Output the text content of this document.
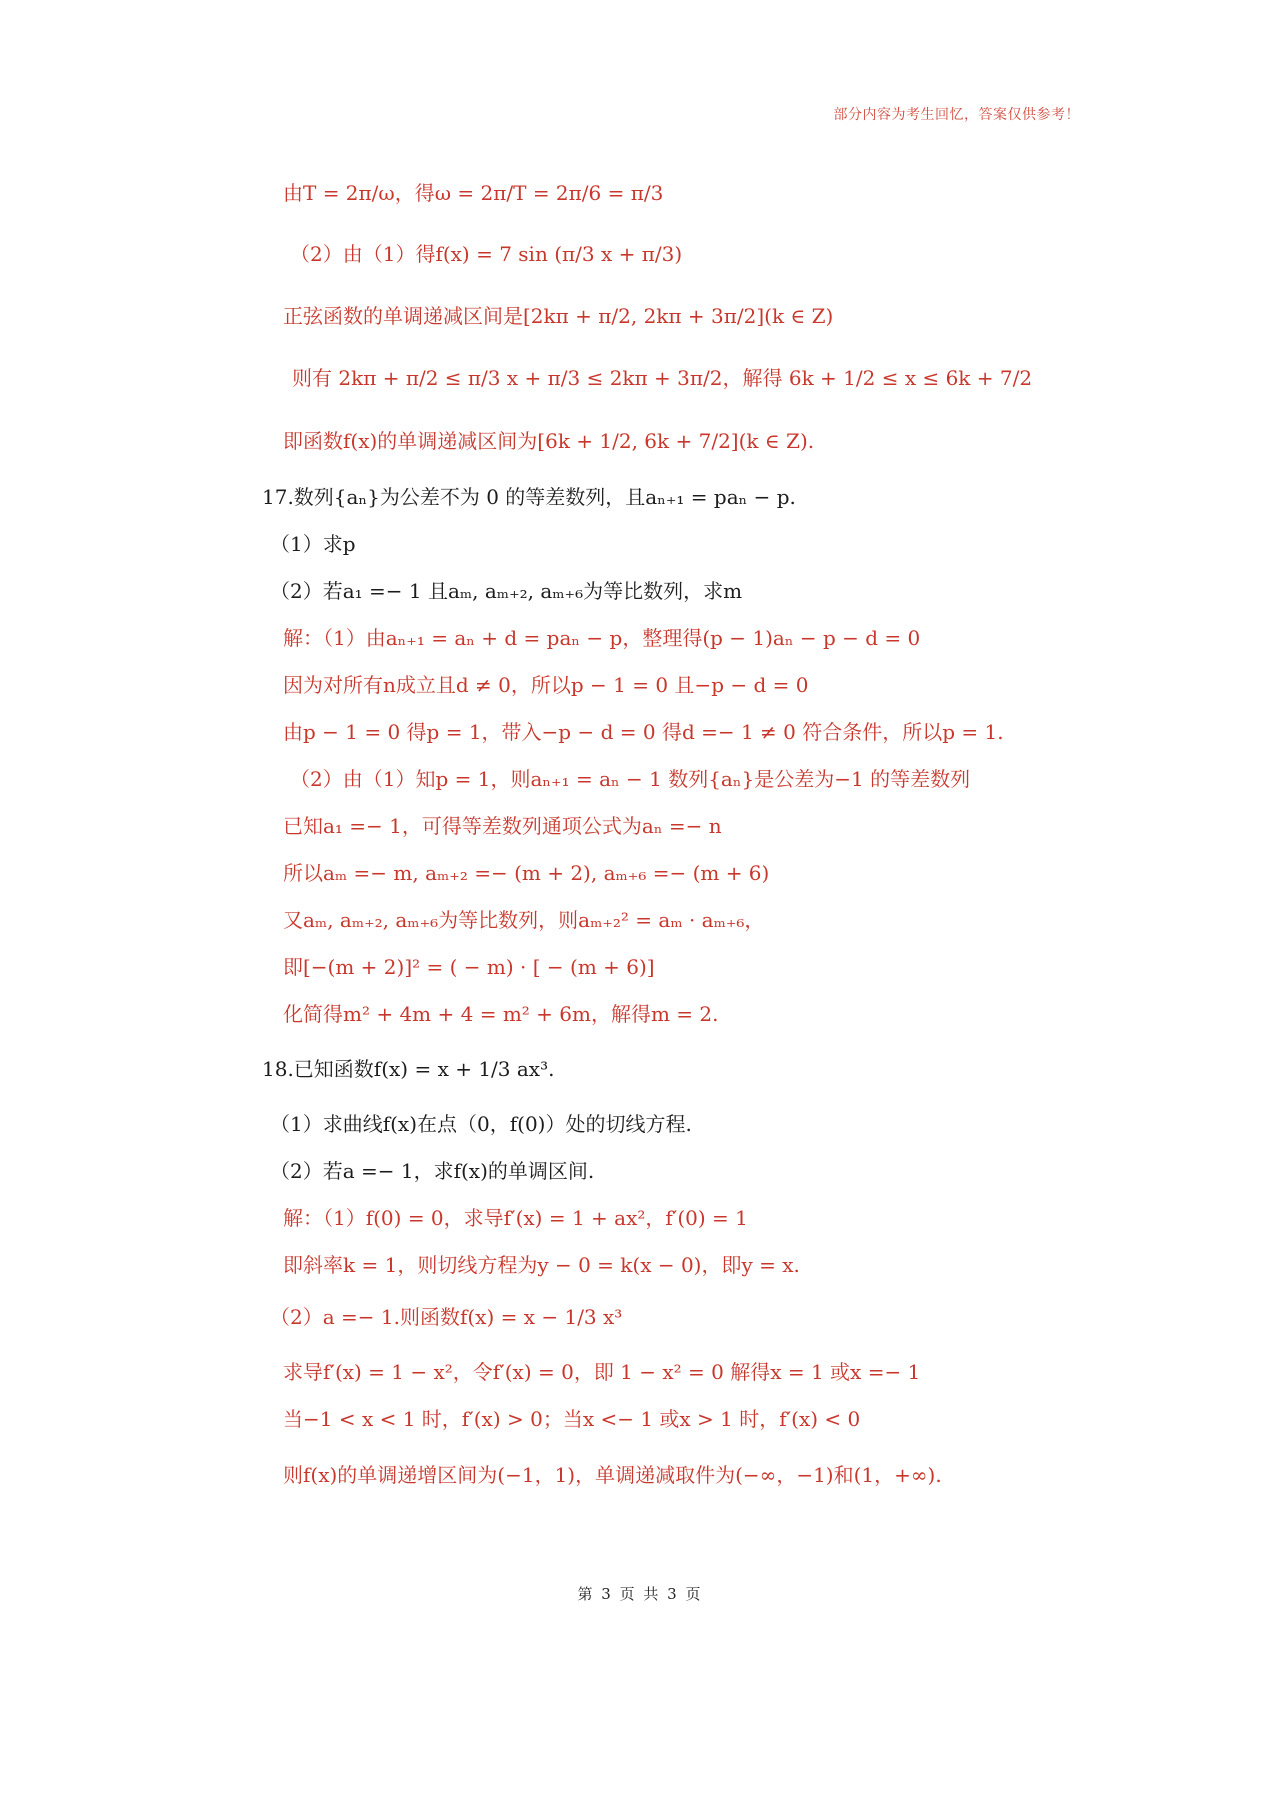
部分内容为考生回忆，答案仅供参考！
由T = 2π/ω，得ω = 2π/T = 2π/6 = π/3
（2）由（1）得f(x) = 7 sin (π/3 x + π/3)
正弦函数的单调递减区间是[2kπ + π/2, 2kπ + 3π/2](k ∈ Z)
则有 2kπ + π/2 ≤ π/3 x + π/3 ≤ 2kπ + 3π/2，解得 6k + 1/2 ≤ x ≤ 6k + 7/2
即函数f(x)的单调递减区间为[6k + 1/2, 6k + 7/2](k ∈ Z).
17.数列{aₙ}为公差不为 0 的等差数列，且aₙ₊₁ = paₙ − p.
（1）求p
（2）若a₁ =− 1 且aₘ, aₘ₊₂, aₘ₊₆为等比数列，求m
解：（1）由aₙ₊₁ = aₙ + d = paₙ − p，整理得(p − 1)aₙ − p − d = 0
因为对所有n成立且d ≠ 0，所以p − 1 = 0 且−p − d = 0
由p − 1 = 0 得p = 1，带入−p − d = 0 得d =− 1 ≠ 0 符合条件，所以p = 1.
（2）由（1）知p = 1，则aₙ₊₁ = aₙ − 1 数列{aₙ}是公差为−1 的等差数列
已知a₁ =− 1，可得等差数列通项公式为aₙ =− n
所以aₘ =− m, aₘ₊₂ =− (m + 2), aₘ₊₆ =− (m + 6)
又aₘ, aₘ₊₂, aₘ₊₆为等比数列，则aₘ₊₂² = aₘ · aₘ₊₆，
即[−(m + 2)]² = ( − m) · [ − (m + 6)]
化简得m² + 4m + 4 = m² + 6m，解得m = 2.
18.已知函数f(x) = x + 1/3 ax³.
（1）求曲线f(x)在点（0，f(0)）处的切线方程.
（2）若a =− 1，求f(x)的单调区间.
解：（1）f(0) = 0，求导f′(x) = 1 + ax²，f′(0) = 1
即斜率k = 1，则切线方程为y − 0 = k(x − 0)，即y = x.
（2）a =− 1.则函数f(x) = x − 1/3 x³
求导f′(x) = 1 − x²，令f′(x) = 0，即 1 − x² = 0 解得x = 1 或x =− 1
当−1 < x < 1 时，f′(x) > 0；当x <− 1 或x > 1 时，f′(x) < 0
则f(x)的单调递增区间为(−1，1)，单调递减取件为(−∞，−1)和(1，+∞).
第 3 页 共 3 页
